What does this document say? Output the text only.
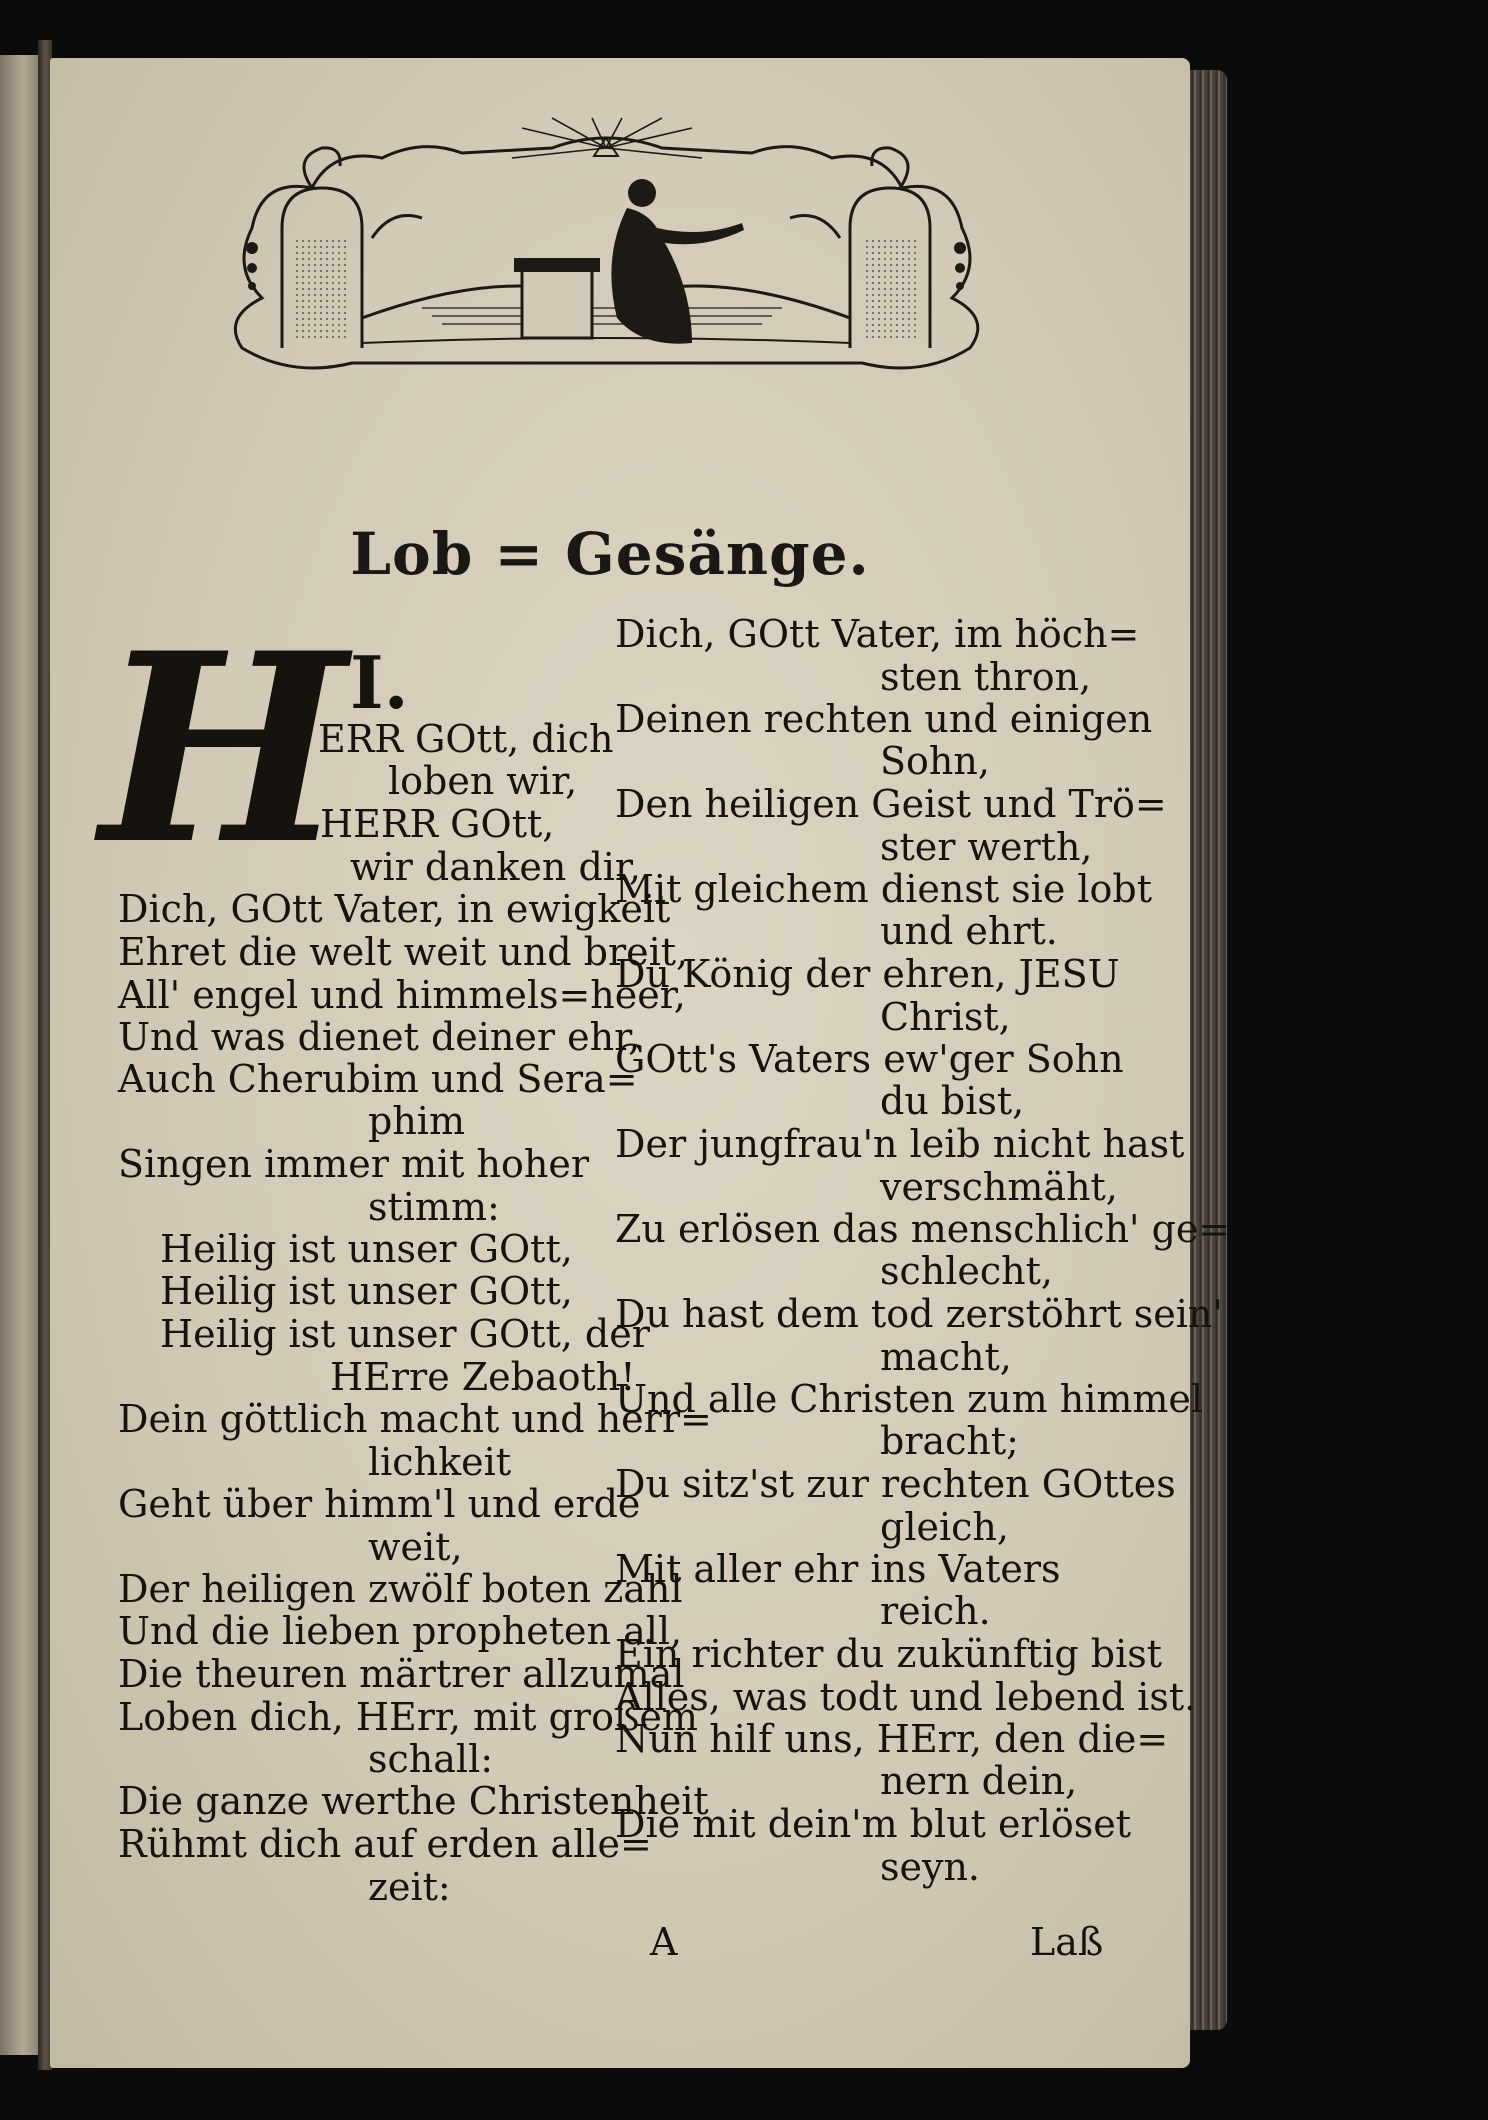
Lob = Gesänge.
H I.
ERR GOtt, dich
loben wir,
HERR GOtt,
wir danken dir,
Dich, GOtt Vater, in ewigkeit
Ehret die welt weit und breit,
All' engel und himmels=heer,
Und was dienet deiner ehr,
Auch Cherubim und Sera=
phim
Singen immer mit hoher
stimm:
Heilig ist unser GOtt,
Heilig ist unser GOtt,
Heilig ist unser GOtt, der
HErre Zebaoth!
Dein göttlich macht und herr=
lichkeit
Geht über himm'l und erde
weit,
Der heiligen zwölf boten zahl
Und die lieben propheten all,
Die theuren märtrer allzumal
Loben dich, HErr, mit großem
schall:
Die ganze werthe Christenheit
Rühmt dich auf erden alle=
zeit:
Dich, GOtt Vater, im höch=
sten thron,
Deinen rechten und einigen
Sohn,
Den heiligen Geist und Trö=
ster werth,
Mit gleichem dienst sie lobt
und ehrt.
Du König der ehren, JESU
Christ,
GOtt's Vaters ew'ger Sohn
du bist,
Der jungfrau'n leib nicht hast
verschmäht,
Zu erlösen das menschlich' ge=
schlecht,
Du hast dem tod zerstöhrt sein'
macht,
Und alle Christen zum himmel
bracht;
Du sitz'st zur rechten GOttes
gleich,
Mit aller ehr ins Vaters
reich.
Ein richter du zukünftig bist
Alles, was todt und lebend ist.
Nun hilf uns, HErr, den die=
nern dein,
Die mit dein'm blut erlöset
seyn.
A	Laß
